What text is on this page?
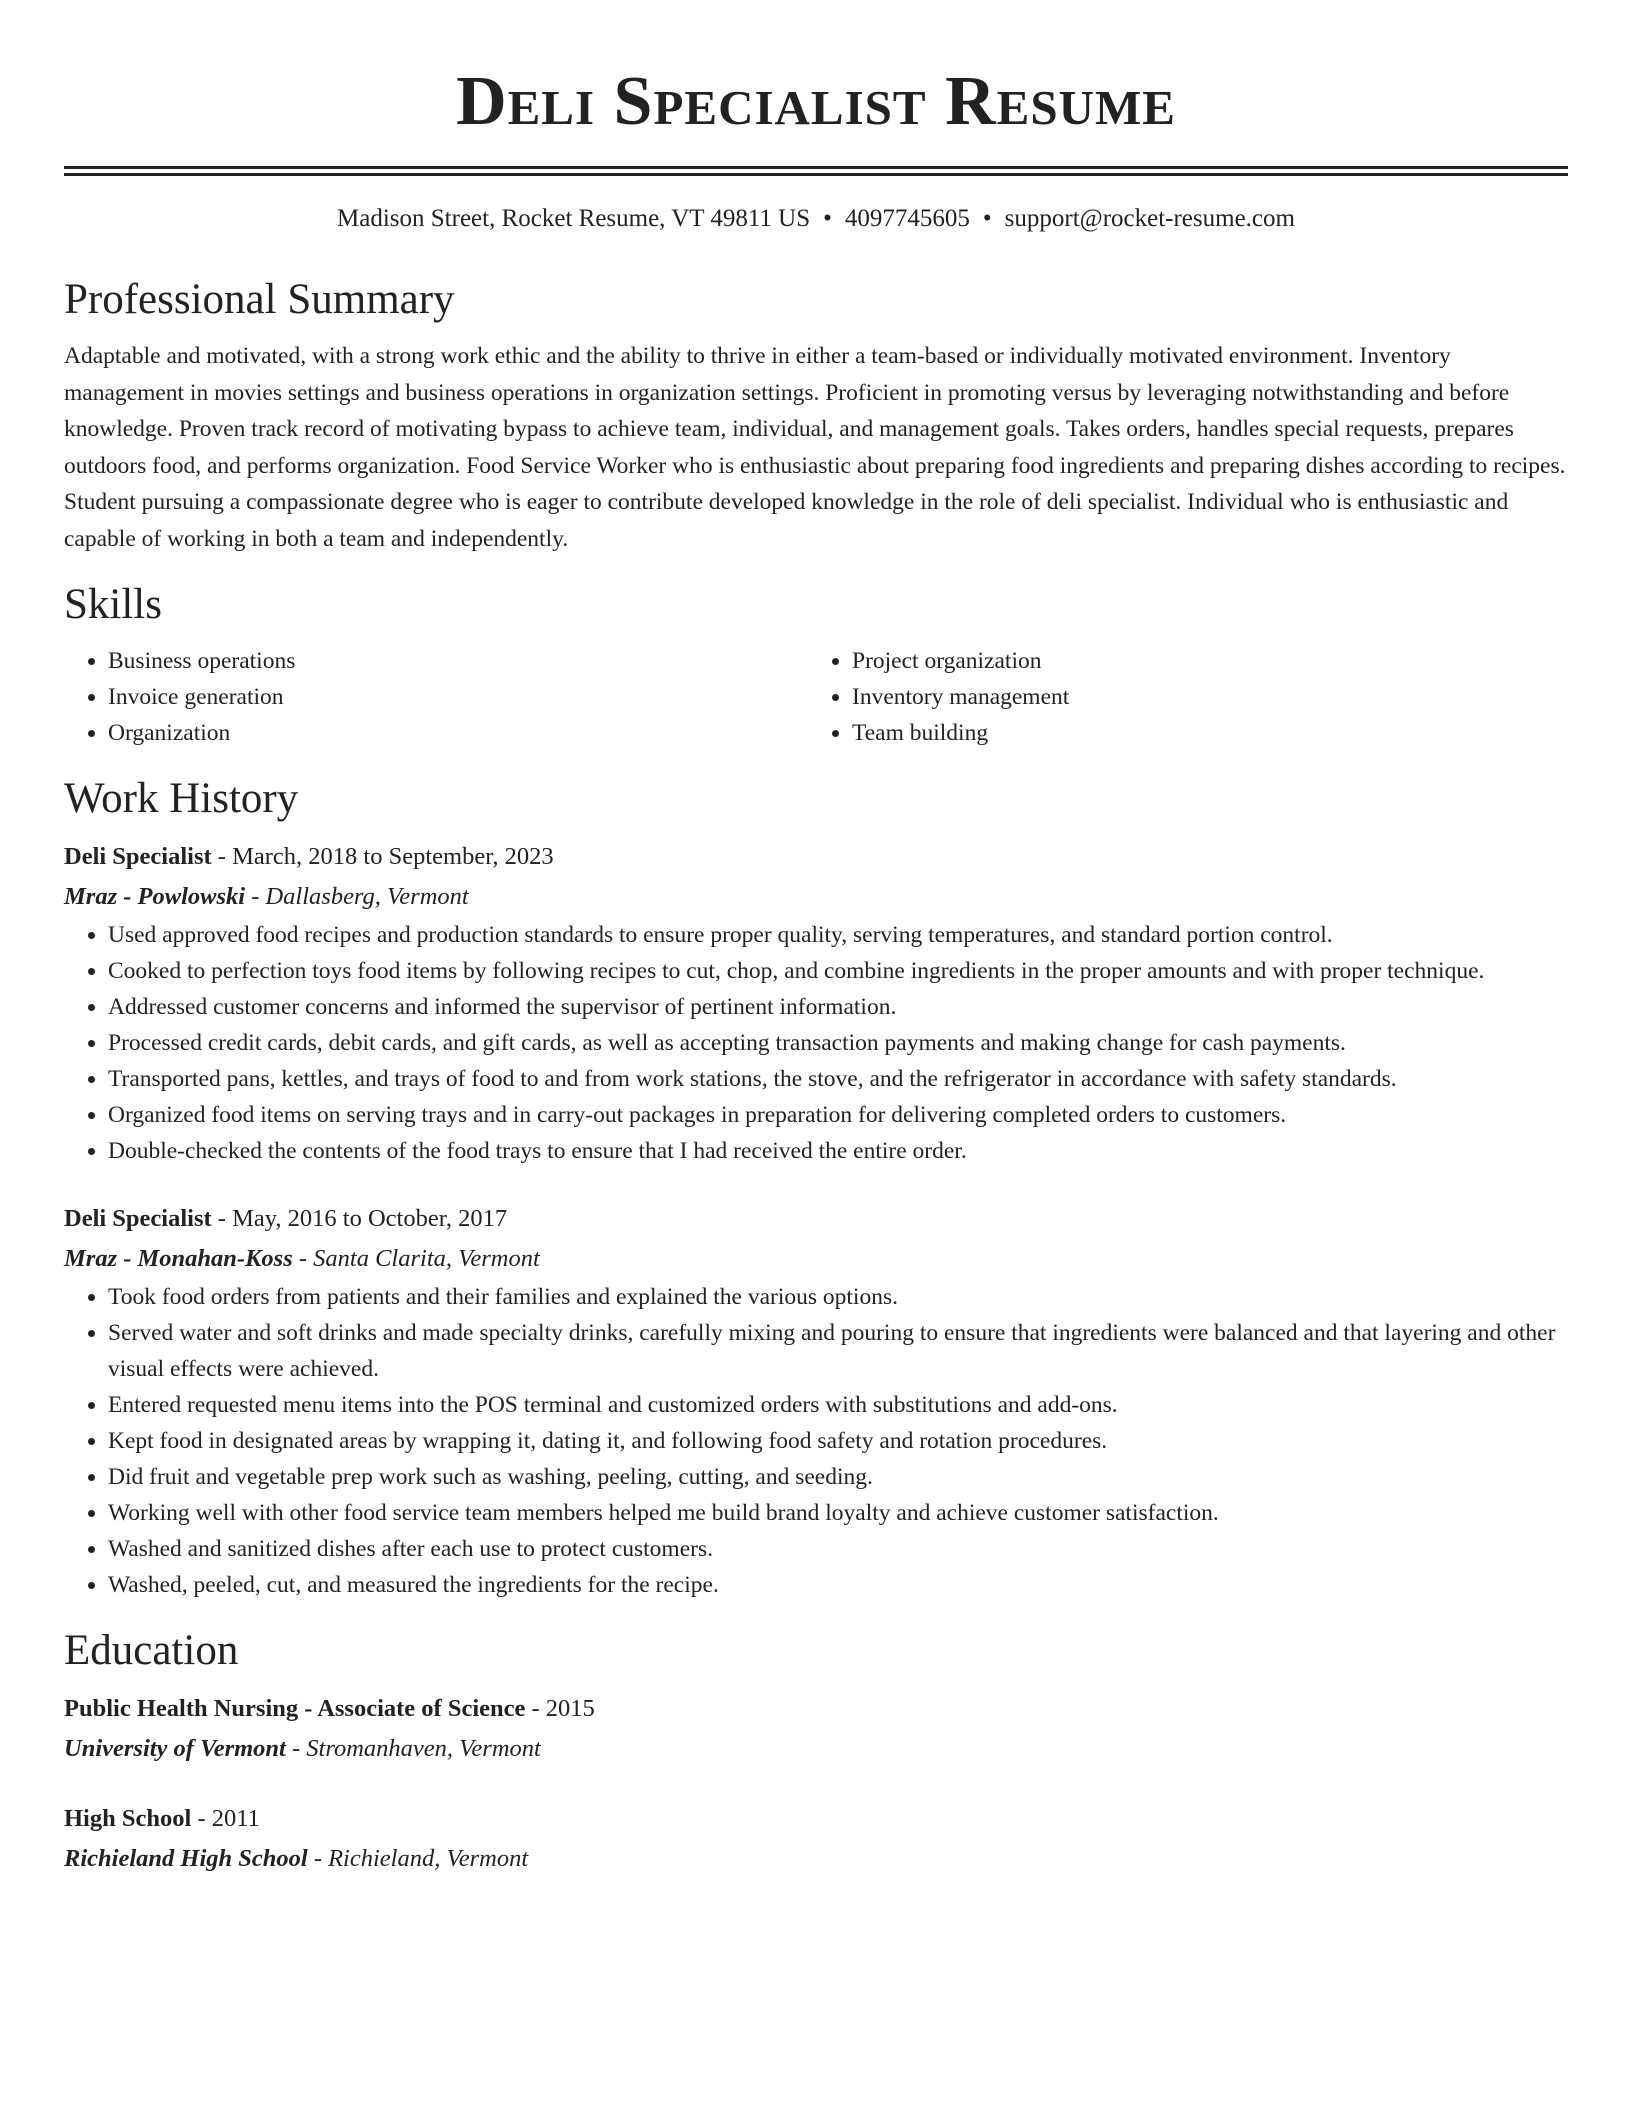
Deli Specialist Resume
Madison Street, Rocket Resume, VT 49811 US • 4097745605 • support@rocket-resume.com
Professional Summary
Adaptable and motivated, with a strong work ethic and the ability to thrive in either a team-based or individually motivated environment. Inventory management in movies settings and business operations in organization settings. Proficient in promoting versus by leveraging notwithstanding and before knowledge. Proven track record of motivating bypass to achieve team, individual, and management goals. Takes orders, handles special requests, prepares outdoors food, and performs organization. Food Service Worker who is enthusiastic about preparing food ingredients and preparing dishes according to recipes. Student pursuing a compassionate degree who is eager to contribute developed knowledge in the role of deli specialist. Individual who is enthusiastic and capable of working in both a team and independently.
Skills
• Business operations
• Invoice generation
• Organization
• Project organization
• Inventory management
• Team building
Work History
Deli Specialist - March, 2018 to September, 2023
Mraz - Powlowski - Dallasberg, Vermont
• Used approved food recipes and production standards to ensure proper quality, serving temperatures, and standard portion control.
• Cooked to perfection toys food items by following recipes to cut, chop, and combine ingredients in the proper amounts and with proper technique.
• Addressed customer concerns and informed the supervisor of pertinent information.
• Processed credit cards, debit cards, and gift cards, as well as accepting transaction payments and making change for cash payments.
• Transported pans, kettles, and trays of food to and from work stations, the stove, and the refrigerator in accordance with safety standards.
• Organized food items on serving trays and in carry-out packages in preparation for delivering completed orders to customers.
• Double-checked the contents of the food trays to ensure that I had received the entire order.
Deli Specialist - May, 2016 to October, 2017
Mraz - Monahan-Koss - Santa Clarita, Vermont
• Took food orders from patients and their families and explained the various options.
• Served water and soft drinks and made specialty drinks, carefully mixing and pouring to ensure that ingredients were balanced and that layering and other visual effects were achieved.
• Entered requested menu items into the POS terminal and customized orders with substitutions and add-ons.
• Kept food in designated areas by wrapping it, dating it, and following food safety and rotation procedures.
• Did fruit and vegetable prep work such as washing, peeling, cutting, and seeding.
• Working well with other food service team members helped me build brand loyalty and achieve customer satisfaction.
• Washed and sanitized dishes after each use to protect customers.
• Washed, peeled, cut, and measured the ingredients for the recipe.
Education
Public Health Nursing - Associate of Science - 2015
University of Vermont - Stromanhaven, Vermont
High School - 2011
Richieland High School - Richieland, Vermont
